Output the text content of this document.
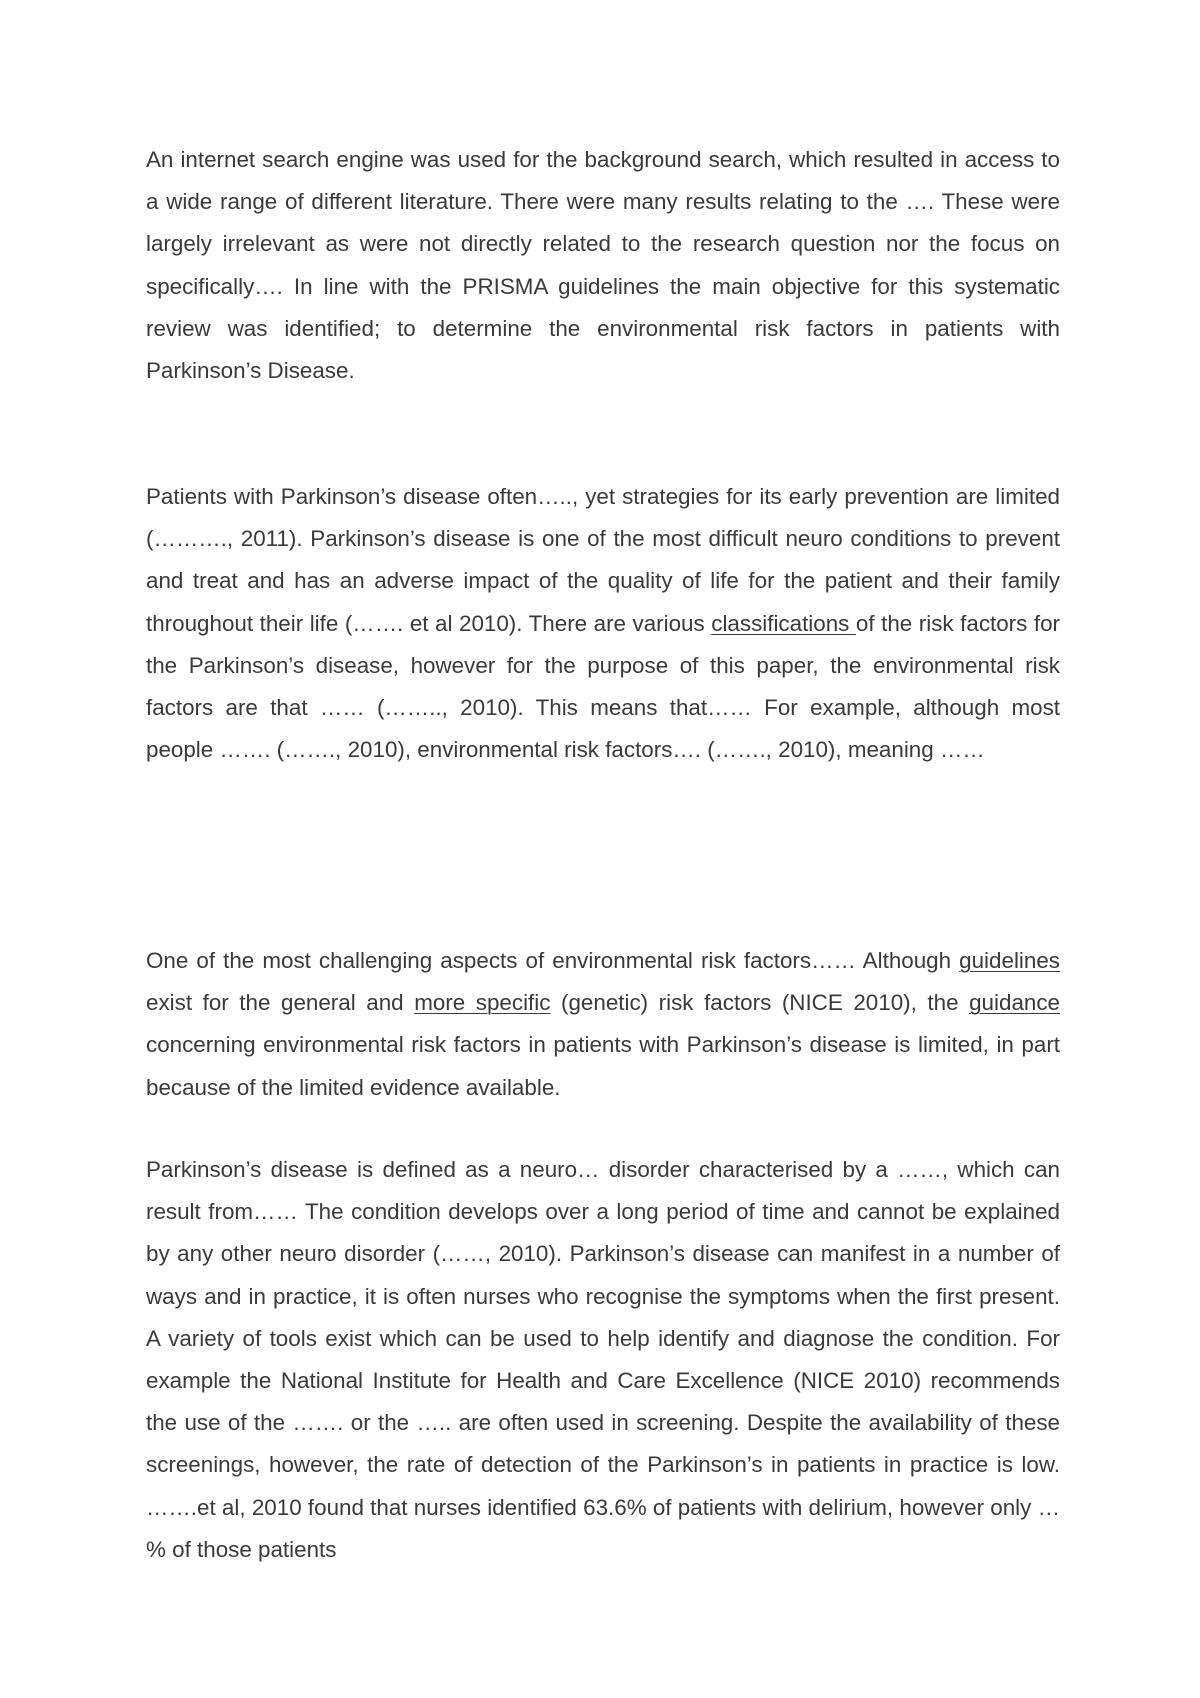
An internet search engine was used for the background search, which resulted in access to a wide range of different literature. There were many results relating to the …. These were largely irrelevant as were not directly related to the research question nor the focus on specifically…. In line with the PRISMA guidelines the main objective for this systematic review was identified; to determine the environmental risk factors in patients with Parkinson’s Disease.

Patients with Parkinson’s disease often….., yet strategies for its early prevention are limited (………., 2011). Parkinson’s disease is one of the most difficult neuro conditions to prevent and treat and has an adverse impact of the quality of life for the patient and their family throughout their life (……. et al 2010). There are various classifications of the risk factors for the Parkinson’s disease, however for the purpose of this paper, the environmental risk factors are that …… (…….., 2010). This means that…… For example, although most people ……. (……., 2010), environmental risk factors…. (……., 2010), meaning ……

One of the most challenging aspects of environmental risk factors…… Although guidelines exist for the general and more specific (genetic) risk factors (NICE 2010), the guidance concerning environmental risk factors in patients with Parkinson’s disease is limited, in part because of the limited evidence available.

Parkinson’s disease is defined as a neuro… disorder characterised by a ……, which can result from…… The condition develops over a long period of time and cannot be explained by any other neuro disorder (……, 2010). Parkinson’s disease can manifest in a number of ways and in practice, it is often nurses who recognise the symptoms when the first present. A variety of tools exist which can be used to help identify and diagnose the condition. For example the National Institute for Health and Care Excellence (NICE 2010) recommends the use of the ……. or the ….. are often used in screening. Despite the availability of these screenings, however, the rate of detection of the Parkinson’s in patients in practice is low. …….et al, 2010 found that nurses identified 63.6% of patients with delirium, however only …% of those patients
